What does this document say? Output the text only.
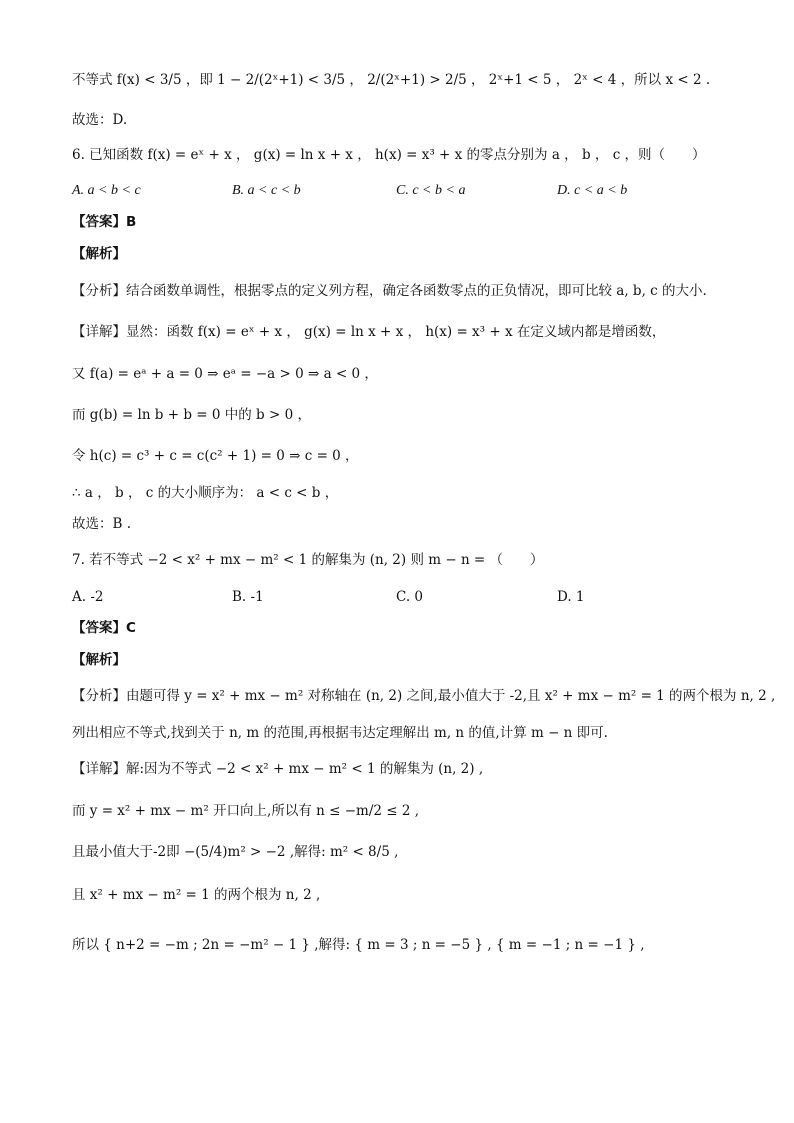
不等式 f(x) < 3/5 ，即 1 − 2/(2ˣ+1) < 3/5 ， 2/(2ˣ+1) > 2/5 ， 2ˣ+1 < 5 ， 2ˣ < 4 ，所以 x < 2 .
故选：D.
6. 已知函数 f(x) = eˣ + x ， g(x) = ln x + x ， h(x) = x³ + x 的零点分别为 a ， b ， c ，则（　　）
A. a < b < c	B. a < c < b	C. c < b < a	D. c < a < b
【答案】B
【解析】
【分析】结合函数单调性，根据零点的定义列方程，确定各函数零点的正负情况，即可比较 a, b, c 的大小.
【详解】显然：函数 f(x) = eˣ + x ， g(x) = ln x + x ， h(x) = x³ + x 在定义域内都是增函数，
又 f(a) = eᵃ + a = 0 ⇒ eᵃ = −a > 0 ⇒ a < 0 ，
而 g(b) = ln b + b = 0 中的 b > 0 ，
令 h(c) = c³ + c = c(c² + 1) = 0 ⇒ c = 0 ，
∴ a ， b ， c 的大小顺序为： a < c < b ，
故选：B .
7. 若不等式 −2 < x² + mx − m² < 1 的解集为 (n, 2) 则 m − n = （　　）
A. -2	B. -1	C. 0	D. 1
【答案】C
【解析】
【分析】由题可得 y = x² + mx − m² 对称轴在 (n, 2) 之间,最小值大于 -2,且 x² + mx − m² = 1 的两个根为 n, 2 ,
列出相应不等式,找到关于 n, m 的范围,再根据韦达定理解出 m, n 的值,计算 m − n 即可.
【详解】解:因为不等式 −2 < x² + mx − m² < 1 的解集为 (n, 2) ,
而 y = x² + mx − m² 开口向上,所以有 n ≤ −m/2 ≤ 2 ,
且最小值大于-2即 −(5/4)m² > −2 ,解得: m² < 8/5 ,
且 x² + mx − m² = 1 的两个根为 n, 2 ,
所以 { n+2 = −m ; 2n = −m² − 1 } ,解得: { m = 3 ; n = −5 } , { m = −1 ; n = −1 } ,
